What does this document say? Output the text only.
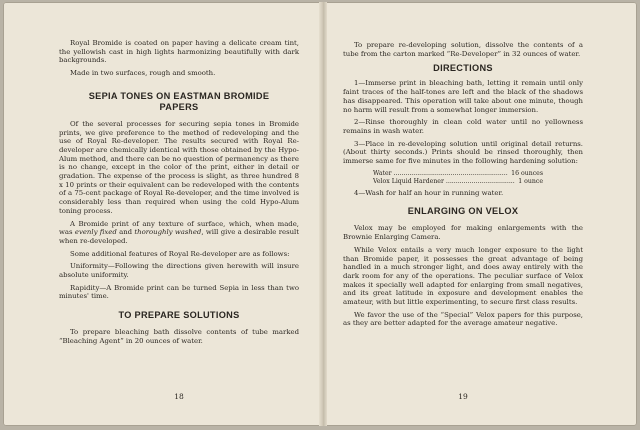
Royal Bromide is coated on paper having a delicate cream tint, the yellowish cast in high lights harmonizing beautifully with dark backgrounds.

Made in two surfaces, rough and smooth.

SEPIA TONES ON EASTMAN BROMIDE PAPERS

Of the several processes for securing sepia tones in Bromide prints, we give preference to the method of redeveloping and the use of Royal Re-developer. The results secured with Royal Re-developer are chemically identical with those obtained by the Hypo-Alum method, and there can be no question of permanency as there is no change, except in the color of the print, either in detail or gradation. The expense of the process is slight, as three hundred 8 x 10 prints or their equivalent can be redeveloped with the contents of a 75-cent package of Royal Re-developer, and the time involved is considerably less than required when using the cold Hypo-Alum toning process.

A Bromide print of any texture of surface, which, when made, was evenly fixed and thoroughly washed, will give a desirable result when re-developed.

Some additional features of Royal Re-developer are as follows:

Uniformity—Following the directions given herewith will insure absolute uniformity.

Rapidity—A Bromide print can be turned Sepia in less than two minutes' time.

TO PREPARE SOLUTIONS

To prepare bleaching bath dissolve contents of tube marked “Bleaching Agent” in 20 ounces of water.

18

To prepare re-developing solution, dissolve the contents of a tube from the carton marked “Re-Developer” in 32 ounces of water.

DIRECTIONS

1—Immerse print in bleaching bath, letting it remain until only faint traces of the half-tones are left and the black of the shadows has disappeared. This operation will take about one minute, though no harm will result from a somewhat longer immersion.

2—Rinse thoroughly in clean cold water until no yellowness remains in wash water.

3—Place in re-developing solution until original detail returns. (About thirty seconds.) Prints should be rinsed thoroughly, then immerse same for five minutes in the following hardening solution:

Water .....	16 ounces
Velox Liquid Hardener .....	1 ounce

4—Wash for half an hour in running water.

ENLARGING ON VELOX

Velox may be employed for making enlargements with the Brownie Enlarging Camera.

While Velox entails a very much longer exposure to the light than Bromide paper, it possesses the great advantage of being handled in a much stronger light, and does away entirely with the dark room for any of the operations. The peculiar surface of Velox makes it specially well adapted for enlarging from small negatives, and its great latitude in exposure and development enables the amateur, with but little experimenting, to secure first class results.

We favor the use of the “Special” Velox papers for this purpose, as they are better adapted for the average amateur negative.

19
